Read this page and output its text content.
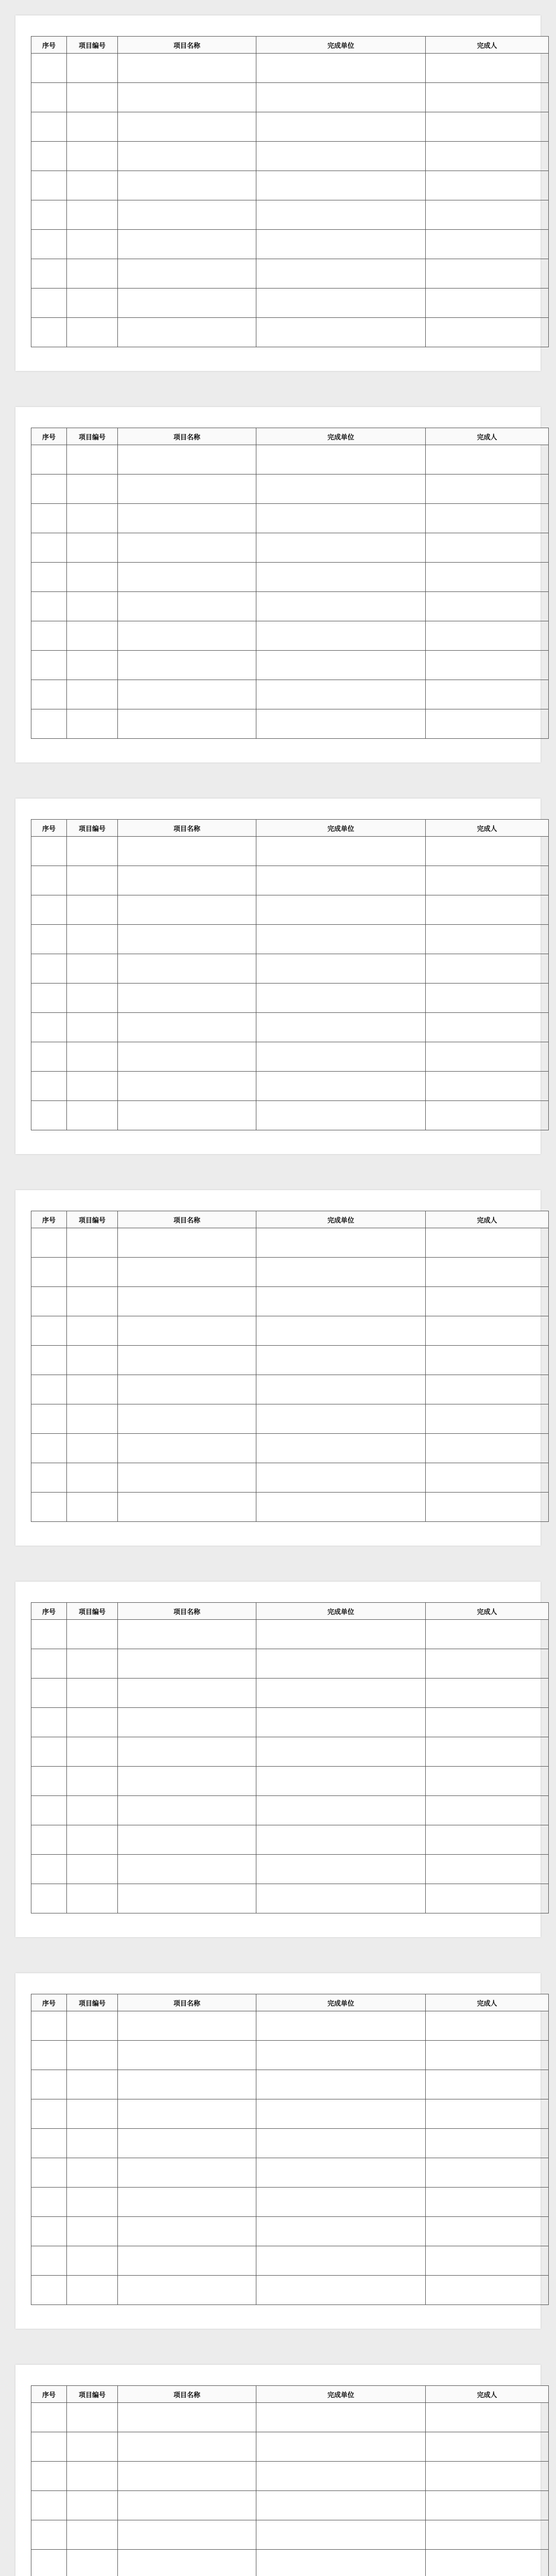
序号	项目编号	项目名称	完成单位	完成人

序号	项目编号	项目名称	完成单位	完成人

序号	项目编号	项目名称	完成单位	完成人

序号	项目编号	项目名称	完成单位	完成人

序号	项目编号	项目名称	完成单位	完成人

序号	项目编号	项目名称	完成单位	完成人

序号	项目编号	项目名称	完成单位	完成人
